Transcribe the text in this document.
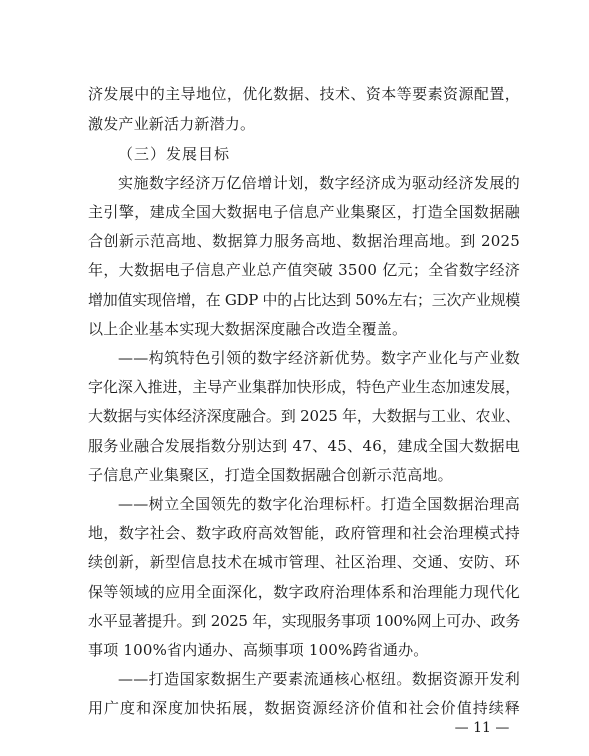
济发展中的主导地位，优化数据、技术、资本等要素资源配置，
激发产业新活力新潜力。
（三）发展目标
实施数字经济万亿倍增计划，数字经济成为驱动经济发展的
主引擎，建成全国大数据电子信息产业集聚区，打造全国数据融
合创新示范高地、数据算力服务高地、数据治理高地。到 2025
年，大数据电子信息产业总产值突破 3500 亿元；全省数字经济
增加值实现倍增，在 GDP 中的占比达到 50%左右；三次产业规模
以上企业基本实现大数据深度融合改造全覆盖。
——构筑特色引领的数字经济新优势。数字产业化与产业数
字化深入推进，主导产业集群加快形成，特色产业生态加速发展，
大数据与实体经济深度融合。到 2025 年，大数据与工业、农业、
服务业融合发展指数分别达到 47、45、46，建成全国大数据电
子信息产业集聚区，打造全国数据融合创新示范高地。
——树立全国领先的数字化治理标杆。打造全国数据治理高
地，数字社会、数字政府高效智能，政府管理和社会治理模式持
续创新，新型信息技术在城市管理、社区治理、交通、安防、环
保等领域的应用全面深化，数字政府治理体系和治理能力现代化
水平显著提升。到 2025 年，实现服务事项 100%网上可办、政务
事项 100%省内通办、高频事项 100%跨省通办。
——打造国家数据生产要素流通核心枢纽。数据资源开发利
用广度和深度加快拓展，数据资源经济价值和社会价值持续释
— 11 —
